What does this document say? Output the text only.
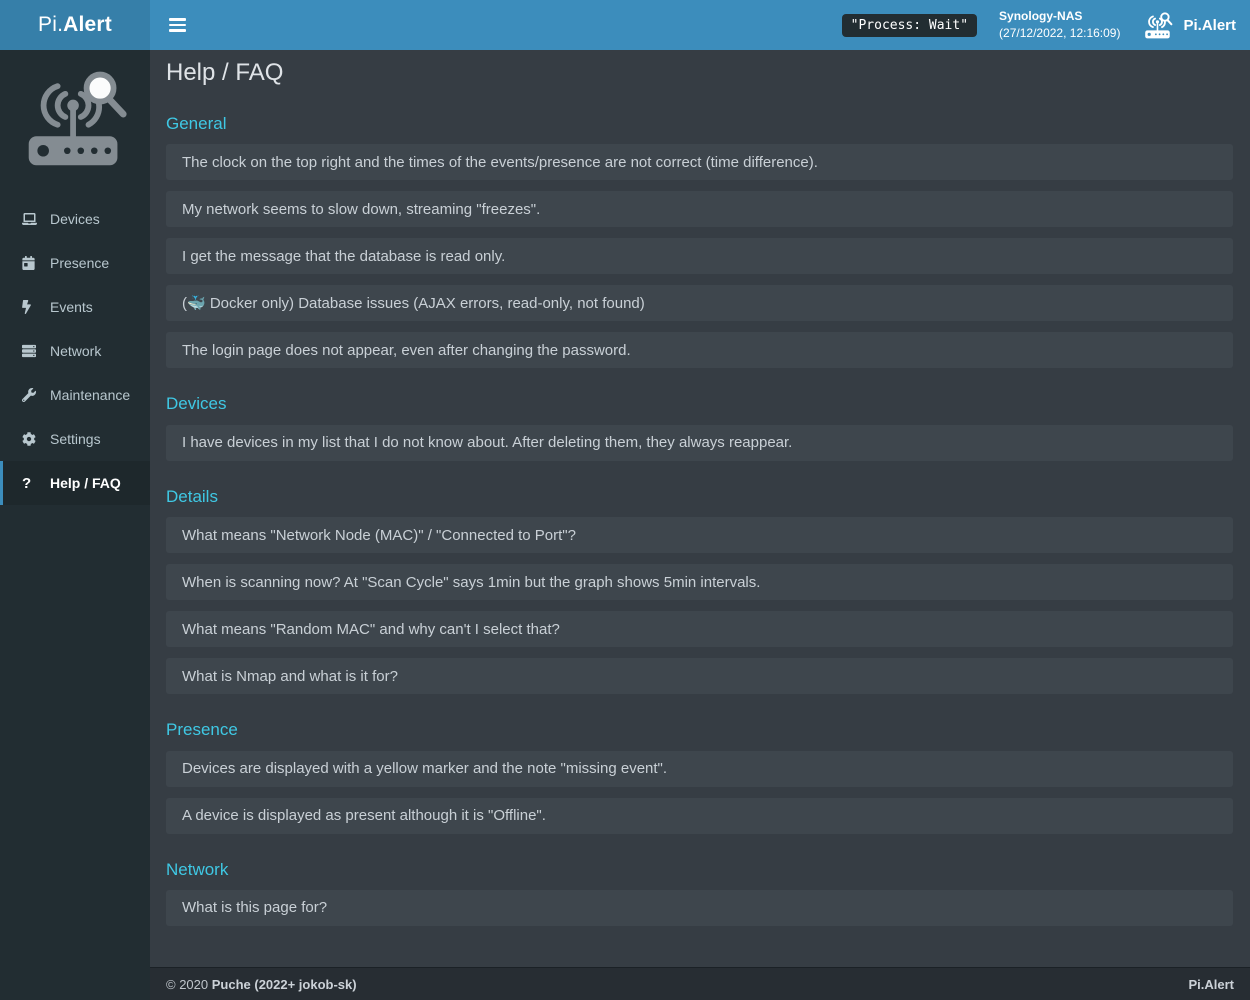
Pi.Alert	"Process: Wait"
Synology-NAS
(27/12/2022, 12:16:09)	Pi.Alert
Devices
Presence
Events
Network
Maintenance
Settings
?	Help / FAQ
Help / FAQ
General
The clock on the top right and the times of the events/presence are not correct (time difference).
My network seems to slow down, streaming "freezes".
I get the message that the database is read only.
(🐳 Docker only) Database issues (AJAX errors, read-only, not found)
The login page does not appear, even after changing the password.
Devices
I have devices in my list that I do not know about. After deleting them, they always reappear.
Details
What means "Network Node (MAC)" / "Connected to Port"?
When is scanning now? At "Scan Cycle" says 1min but the graph shows 5min intervals.
What means "Random MAC" and why can't I select that?
What is Nmap and what is it for?
Presence
Devices are displayed with a yellow marker and the note "missing event".
A device is displayed as present although it is "Offline".
Network
What is this page for?
© 2020 Puche (2022+ jokob-sk)	Pi.Alert
